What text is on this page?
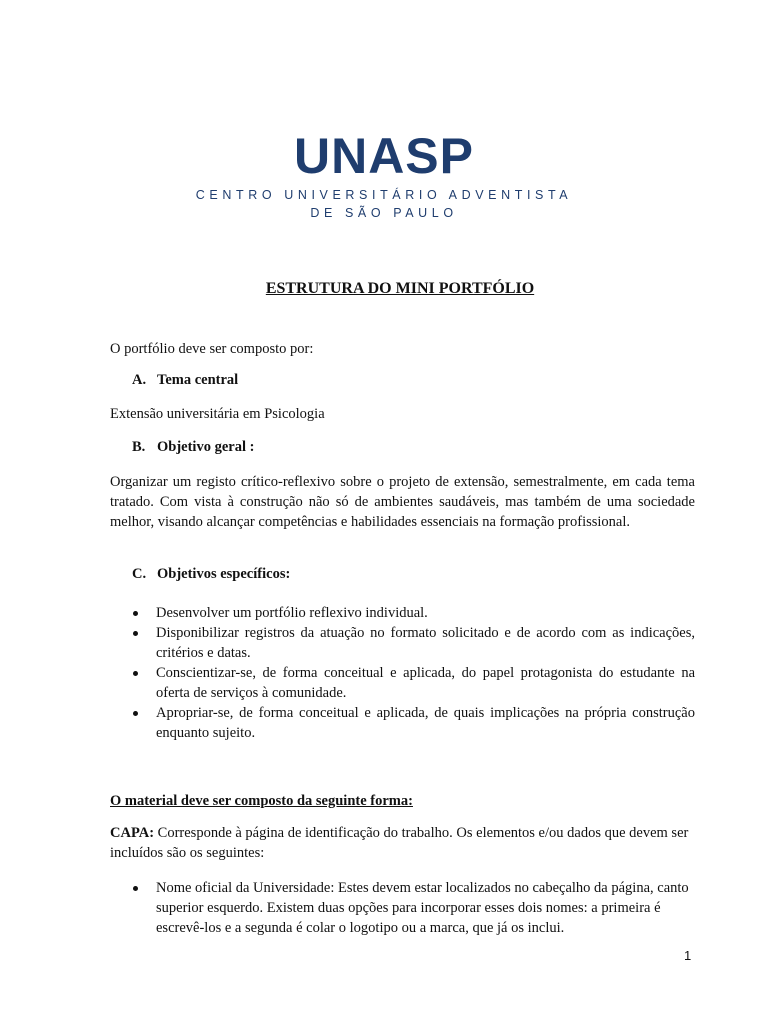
UNASP
CENTRO UNIVERSITÁRIO ADVENTISTA
DE SÃO PAULO
ESTRUTURA DO MINI PORTFÓLIO
O portfólio deve ser composto por:
A. Tema central
Extensão universitária em Psicologia
B. Objetivo geral :
Organizar um registo crítico-reflexivo sobre o projeto de extensão, semestralmente, em cada tema tratado. Com vista à construção não só de ambientes saudáveis, mas também de uma sociedade melhor, visando alcançar competências e habilidades essenciais na formação profissional.
C. Objetivos específicos:
Desenvolver um portfólio reflexivo individual.
Disponibilizar registros da atuação no formato solicitado e de acordo com as indicações, critérios e datas.
Conscientizar-se, de forma conceitual e aplicada, do papel protagonista do estudante na oferta de serviços à comunidade.
Apropriar-se, de forma conceitual e aplicada, de quais implicações na própria construção enquanto sujeito.
O material deve ser composto da seguinte forma:
CAPA: Corresponde à página de identificação do trabalho. Os elementos e/ou dados que devem ser incluídos são os seguintes:
Nome oficial da Universidade: Estes devem estar localizados no cabeçalho da página, canto superior esquerdo. Existem duas opções para incorporar esses dois nomes: a primeira é escrevê-los e a segunda é colar o logotipo ou a marca, que já os inclui.
1
